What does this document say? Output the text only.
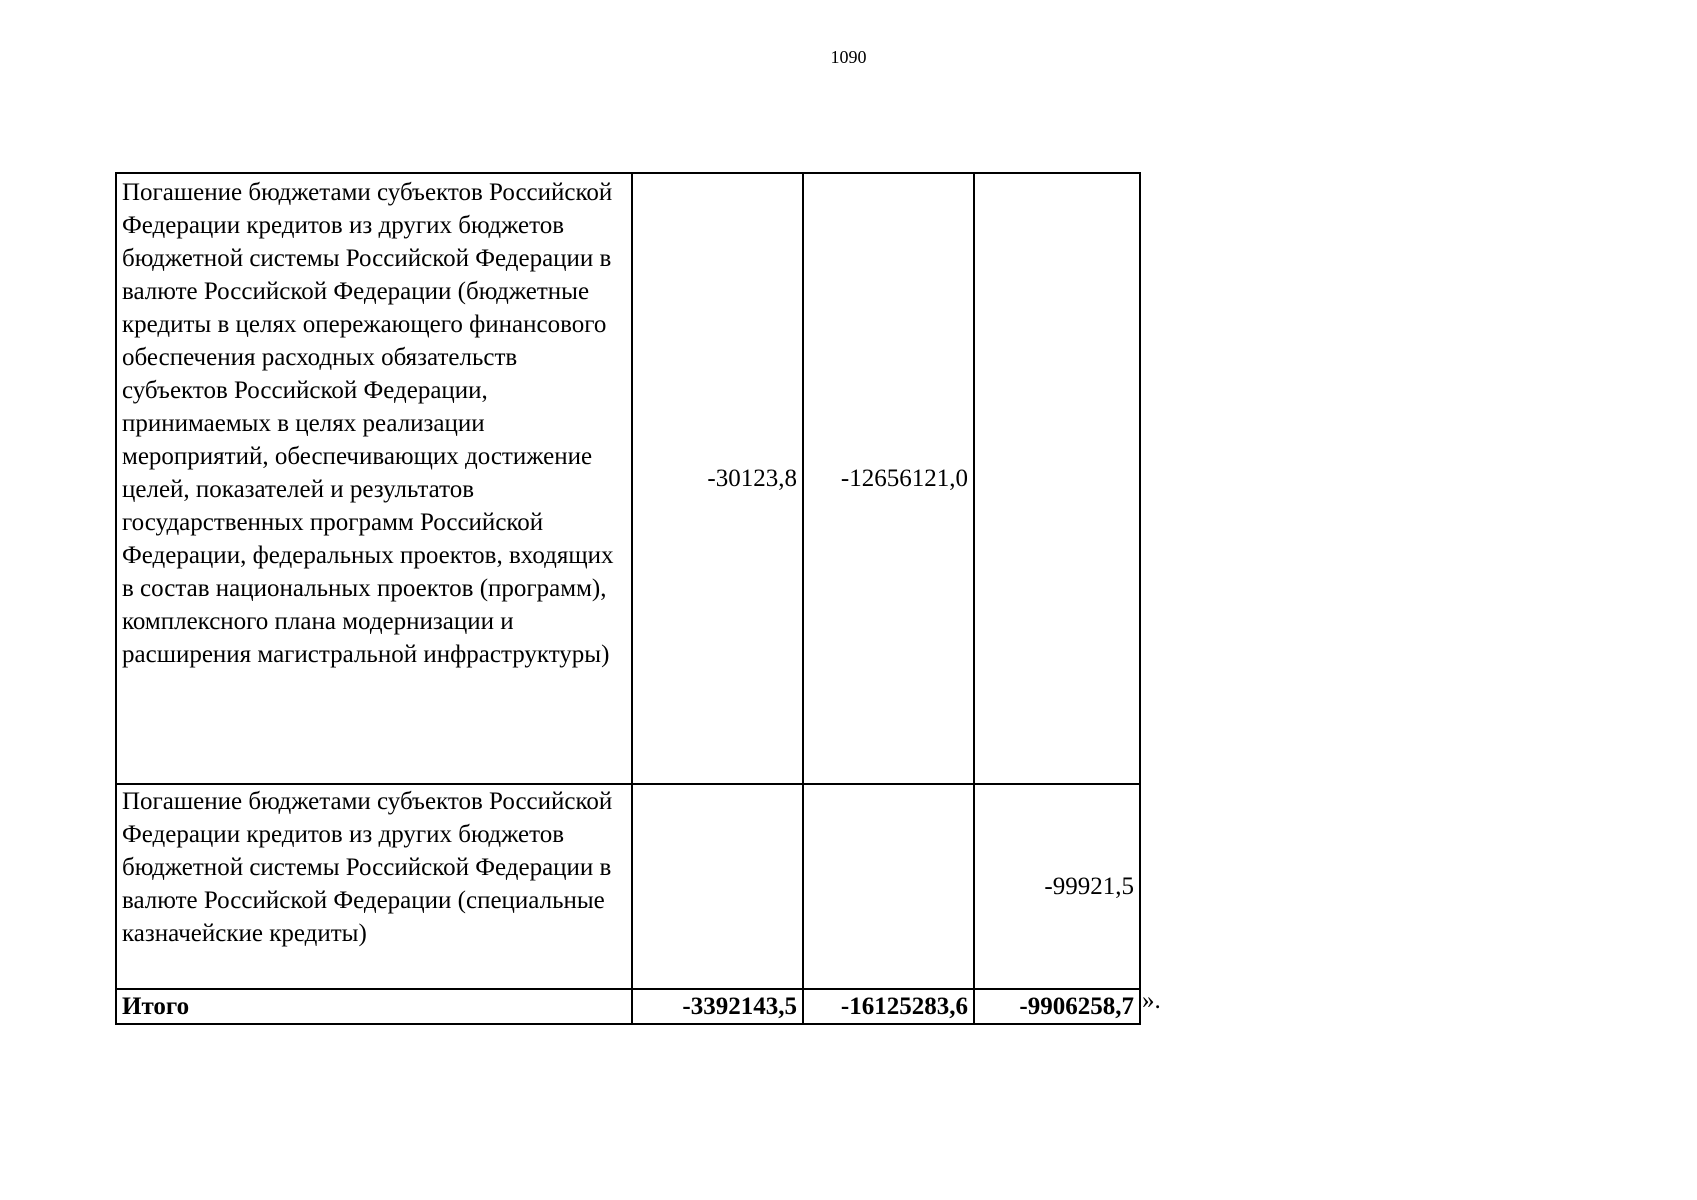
1090
Погашение бюджетами субъектов Российской Федерации кредитов из других бюджетов бюджетной системы Российской Федерации в валюте Российской Федерации (бюджетные кредиты в целях опережающего финансового обеспечения расходных обязательств субъектов Российской Федерации, принимаемых в целях реализации мероприятий, обеспечивающих достижение целей, показателей и результатов государственных программ Российской Федерации, федеральных проектов, входящих в состав национальных проектов (программ), комплексного плана модернизации и расширения магистральной инфраструктуры)	-30123,8	-12656121,0	
Погашение бюджетами субъектов Российской Федерации кредитов из других бюджетов бюджетной системы Российской Федерации в валюте Российской Федерации (специальные казначейские кредиты)			-99921,5
Итого	-3392143,5	-16125283,6	-9906258,7 ».
